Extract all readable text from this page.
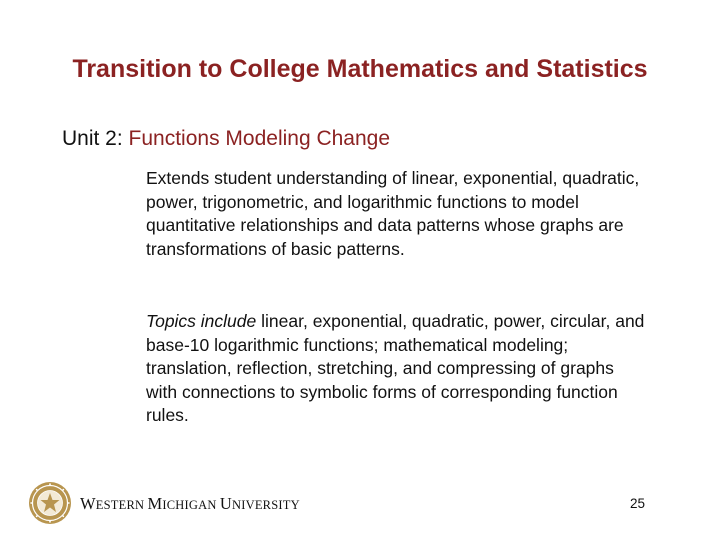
Transition to College Mathematics and Statistics
Unit 2: Functions Modeling Change
Extends student understanding of linear, exponential, quadratic, power, trigonometric, and logarithmic functions to model quantitative relationships and data patterns whose graphs are transformations of basic patterns.
Topics include linear, exponential, quadratic, power, circular, and base-10 logarithmic functions; mathematical modeling; translation, reflection, stretching, and compressing of graphs with connections to symbolic forms of corresponding function rules.
WESTERN MICHIGAN UNIVERSITY	25
